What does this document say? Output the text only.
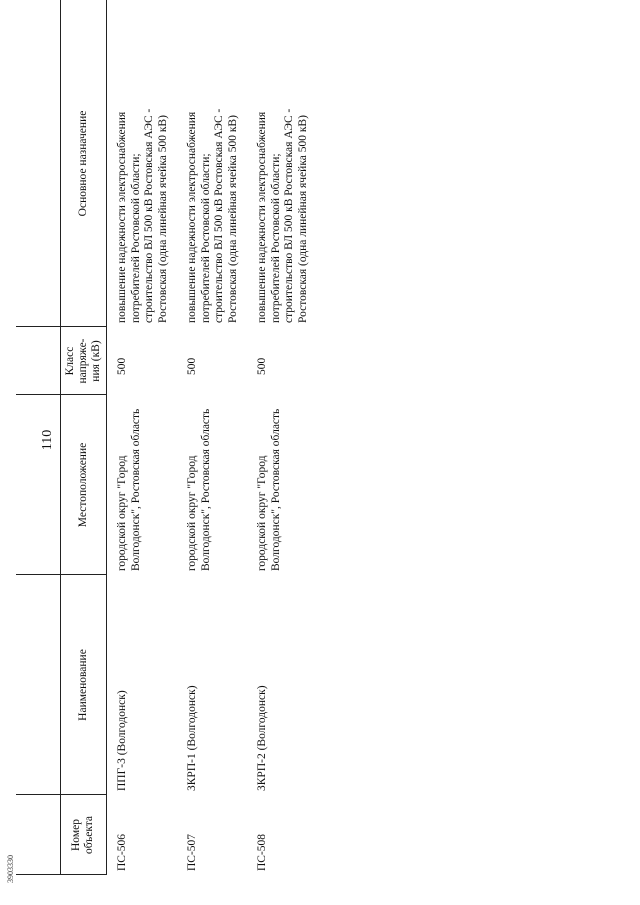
110
Номер
объекта
Наименование
Местоположение
Класс
напряже-
ния (кВ)
Основное назначение
ПС-506
ППГ-3 (Волгодонск)
городской округ "Город
Волгодонск", Ростовская область
500
повышение надежности электроснабжения
потребителей Ростовской области;
строительство ВЛ 500 кВ Ростовская АЭС -
Ростовская (одна линейная ячейка 500 кВ)
ПС-507
ЗКРП-1 (Волгодонск)
городской округ "Город
Волгодонск", Ростовская область
500
повышение надежности электроснабжения
потребителей Ростовской области;
строительство ВЛ 500 кВ Ростовская АЭС -
Ростовская (одна линейная ячейка 500 кВ)
ПС-508
ЗКРП-2 (Волгодонск)
городской округ "Город
Волгодонск", Ростовская область
500
повышение надежности электроснабжения
потребителей Ростовской области;
строительство ВЛ 500 кВ Ростовская АЭС -
Ростовская (одна линейная ячейка 500 кВ)
3903330
